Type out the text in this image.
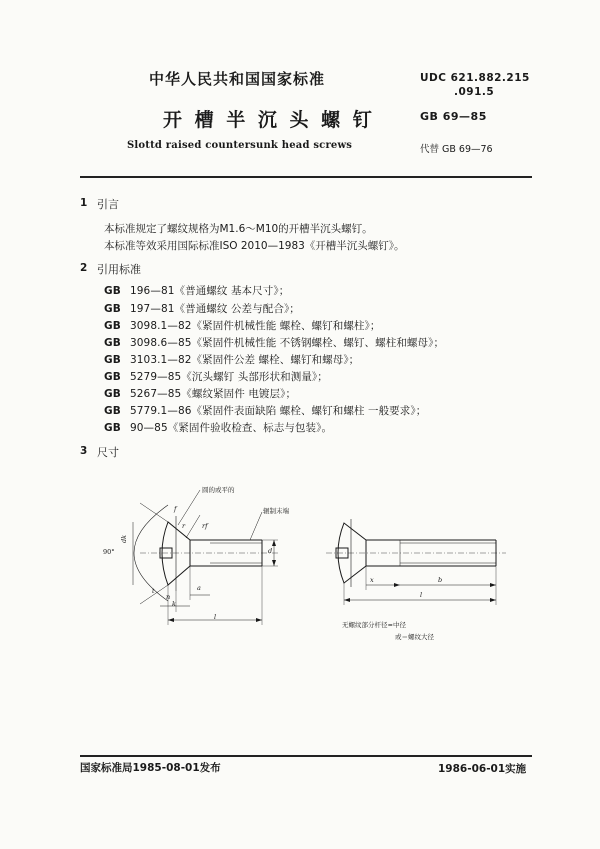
中华人民共和国国家标准	UDC 621.882.215
.091.5
GB 69—85
开 槽 半 沉 头 螺 钉
Slottd raised countersunk head screws	代替 GB 69—76
1 引言
本标准规定了螺纹规格为M1.6～M10的开槽半沉头螺钉。
本标准等效采用国际标准ISO 2010—1983《开槽半沉头螺钉》。
2 引用标准
GB 196—81《普通螺纹 基本尺寸》；
GB 197—81《普通螺纹 公差与配合》；
GB 3098.1—82《紧固件机械性能 螺栓、螺钉和螺柱》；
GB 3098.6—85《紧固件机械性能 不锈钢螺栓、螺钉、螺柱和螺母》；
GB 3103.1—82《紧固件公差 螺栓、螺钉和螺母》；
GB 5279—85《沉头螺钉 头部形状和测量》；
GB 5267—85《螺纹紧固件 电镀层》；
GB 5779.1—86《紧固件表面缺陷 螺栓、螺钉和螺柱 一般要求》；
GB 90—85《紧固件验收检查、标志与包装》。
3 尺寸
圆的或平的
辗制末端
90°
dk
f
r	rf
d
a
n
t
k
l
x	b
l
无螺纹部分杆径≈中径
或＝螺纹大径
国家标准局1985-08-01发布	1986-06-01实施
